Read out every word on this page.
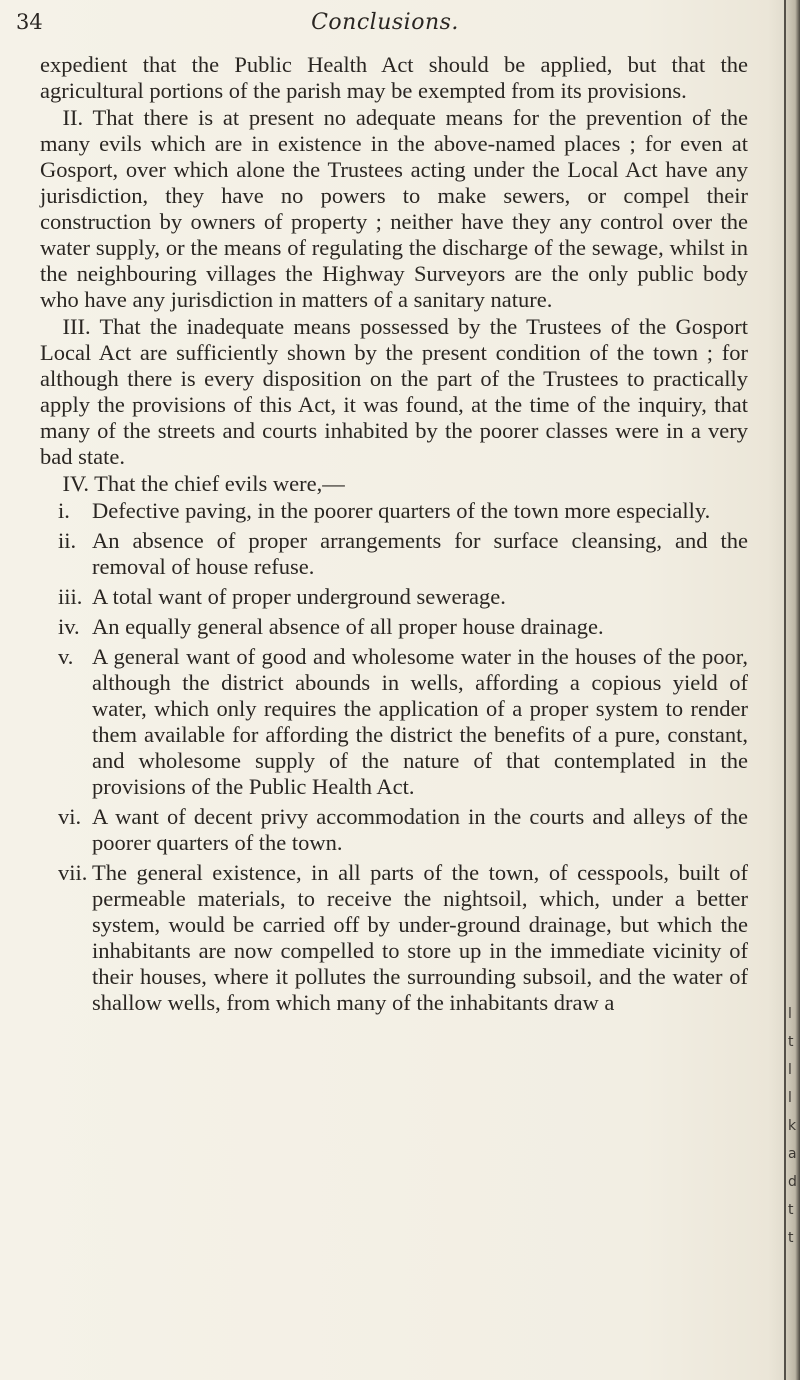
34	Conclusions.

expedient that the Public Health Act should be applied, but that the agricultural portions of the parish may be exempted from its provisions.

II. That there is at present no adequate means for the prevention of the many evils which are in existence in the above-named places ; for even at Gosport, over which alone the Trustees acting under the Local Act have any jurisdiction, they have no powers to make sewers, or compel their construction by owners of property ; neither have they any control over the water supply, or the means of regulating the discharge of the sewage, whilst in the neighbouring villages the Highway Surveyors are the only public body who have any jurisdiction in matters of a sanitary nature.

III. That the inadequate means possessed by the Trustees of the Gosport Local Act are sufficiently shown by the present condition of the town ; for although there is every disposition on the part of the Trustees to practically apply the provisions of this Act, it was found, at the time of the inquiry, that many of the streets and courts inhabited by the poorer classes were in a very bad state.

IV. That the chief evils were,—

i. Defective paving, in the poorer quarters of the town more especially.
ii. An absence of proper arrangements for surface cleansing, and the removal of house refuse.
iii. A total want of proper underground sewerage.
iv. An equally general absence of all proper house drainage.
v. A general want of good and wholesome water in the houses of the poor, although the district abounds in wells, affording a copious yield of water, which only requires the application of a proper system to render them available for affording the district the benefits of a pure, constant, and wholesome supply of the nature of that contemplated in the provisions of the Public Health Act.
vi. A want of decent privy accommodation in the courts and alleys of the poorer quarters of the town.
vii. The general existence, in all parts of the town, of cesspools, built of permeable materials, to receive the nightsoil, which, under a better system, would be carried off by under-ground drainage, but which the inhabitants are now compelled to store up in the immediate vicinity of their houses, where it pollutes the surrounding subsoil, and the water of shallow wells, from which many of the inhabitants draw a	l
t
l
l
k
a
d
t
t
